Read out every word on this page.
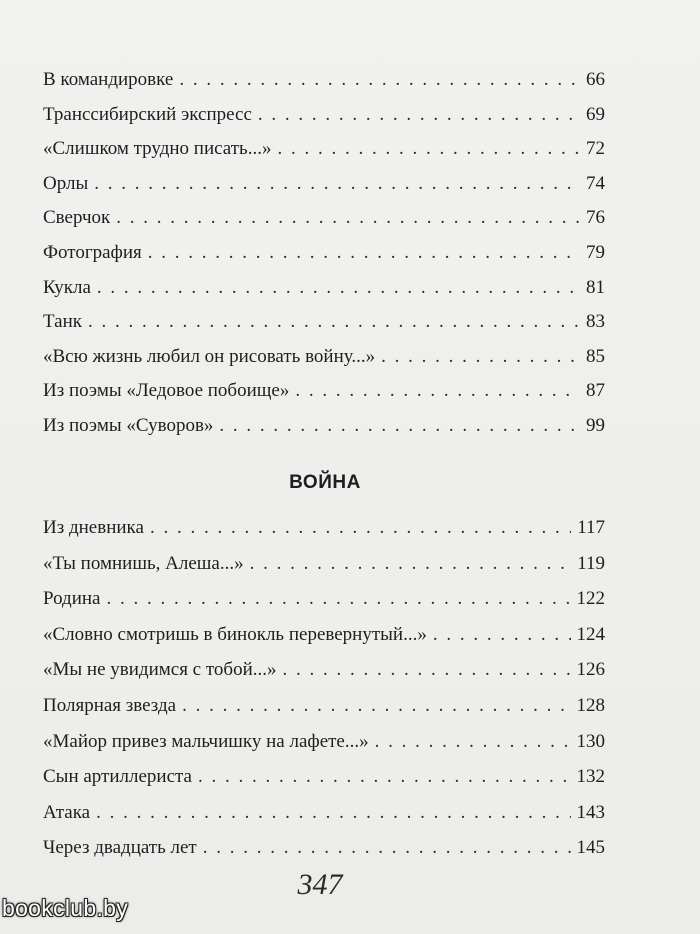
В командировке . . .	66
Транссибирский экспресс . . .	69
«Слишком трудно писать...» . . .	72
Орлы . . .	74
Сверчок . . .	76
Фотография . . .	79
Кукла . . .	81
Танк . . .	83
«Всю жизнь любил он рисовать войну...» . . .	85
Из поэмы «Ледовое побоище» . . .	87
Из поэмы «Суворов» . . .	99
ВОЙНА
Из дневника . . .	117
«Ты помнишь, Алеша...» . . .	119
Родина . . .	122
«Словно смотришь в бинокль перевернутый...» . . .	124
«Мы не увидимся с тобой...» . . .	126
Полярная звезда . . .	128
«Майор привез мальчишку на лафете...» . . .	130
Сын артиллериста . . .	132
Атака . . .	143
Через двадцать лет . . .	145
347
bookclub.by
